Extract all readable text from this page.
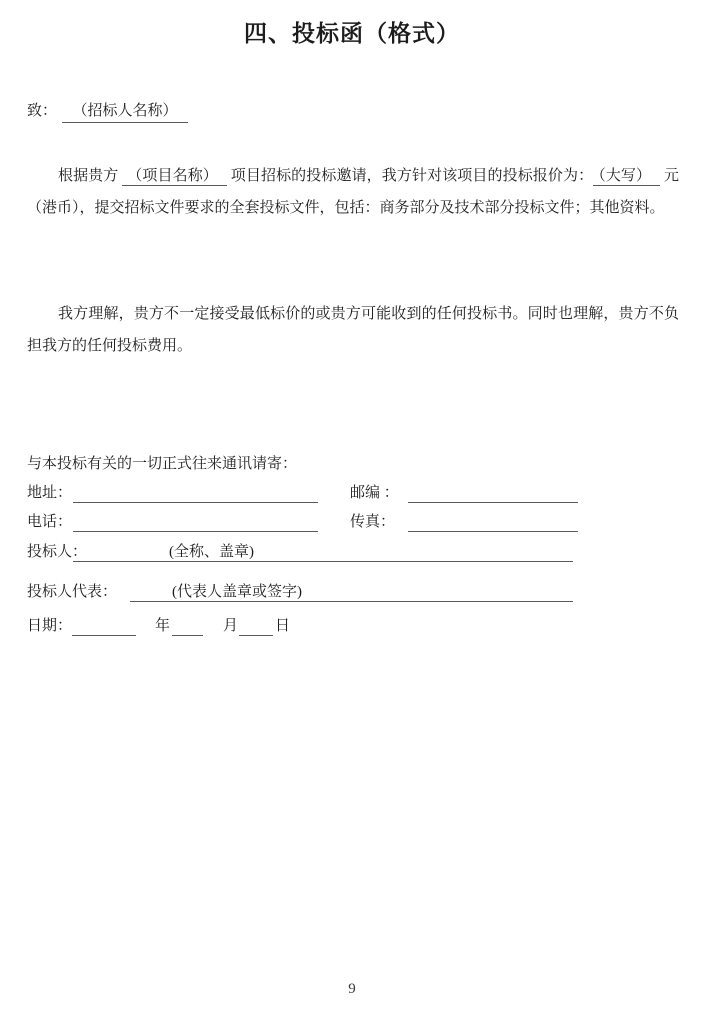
四、投标函（格式）
致： （招标人名称）
根据贵方 （项目名称） 项目招标的投标邀请，我方针对该项目的投标报价为： （大写） 元（港币），提交招标文件要求的全套投标文件，包括：商务部分及技术部分投标文件；其他资料。
我方理解，贵方不一定接受最低标价的或贵方可能收到的任何投标书。同时也理解，贵方不负担我方的任何投标费用。
与本投标有关的一切正式往来通讯请寄：
地址：	邮编 ：
电话：	传真：
投标人：	(全称、盖章)
投标人代表：	(代表人盖章或签字)
日期：	年	月 日
9
